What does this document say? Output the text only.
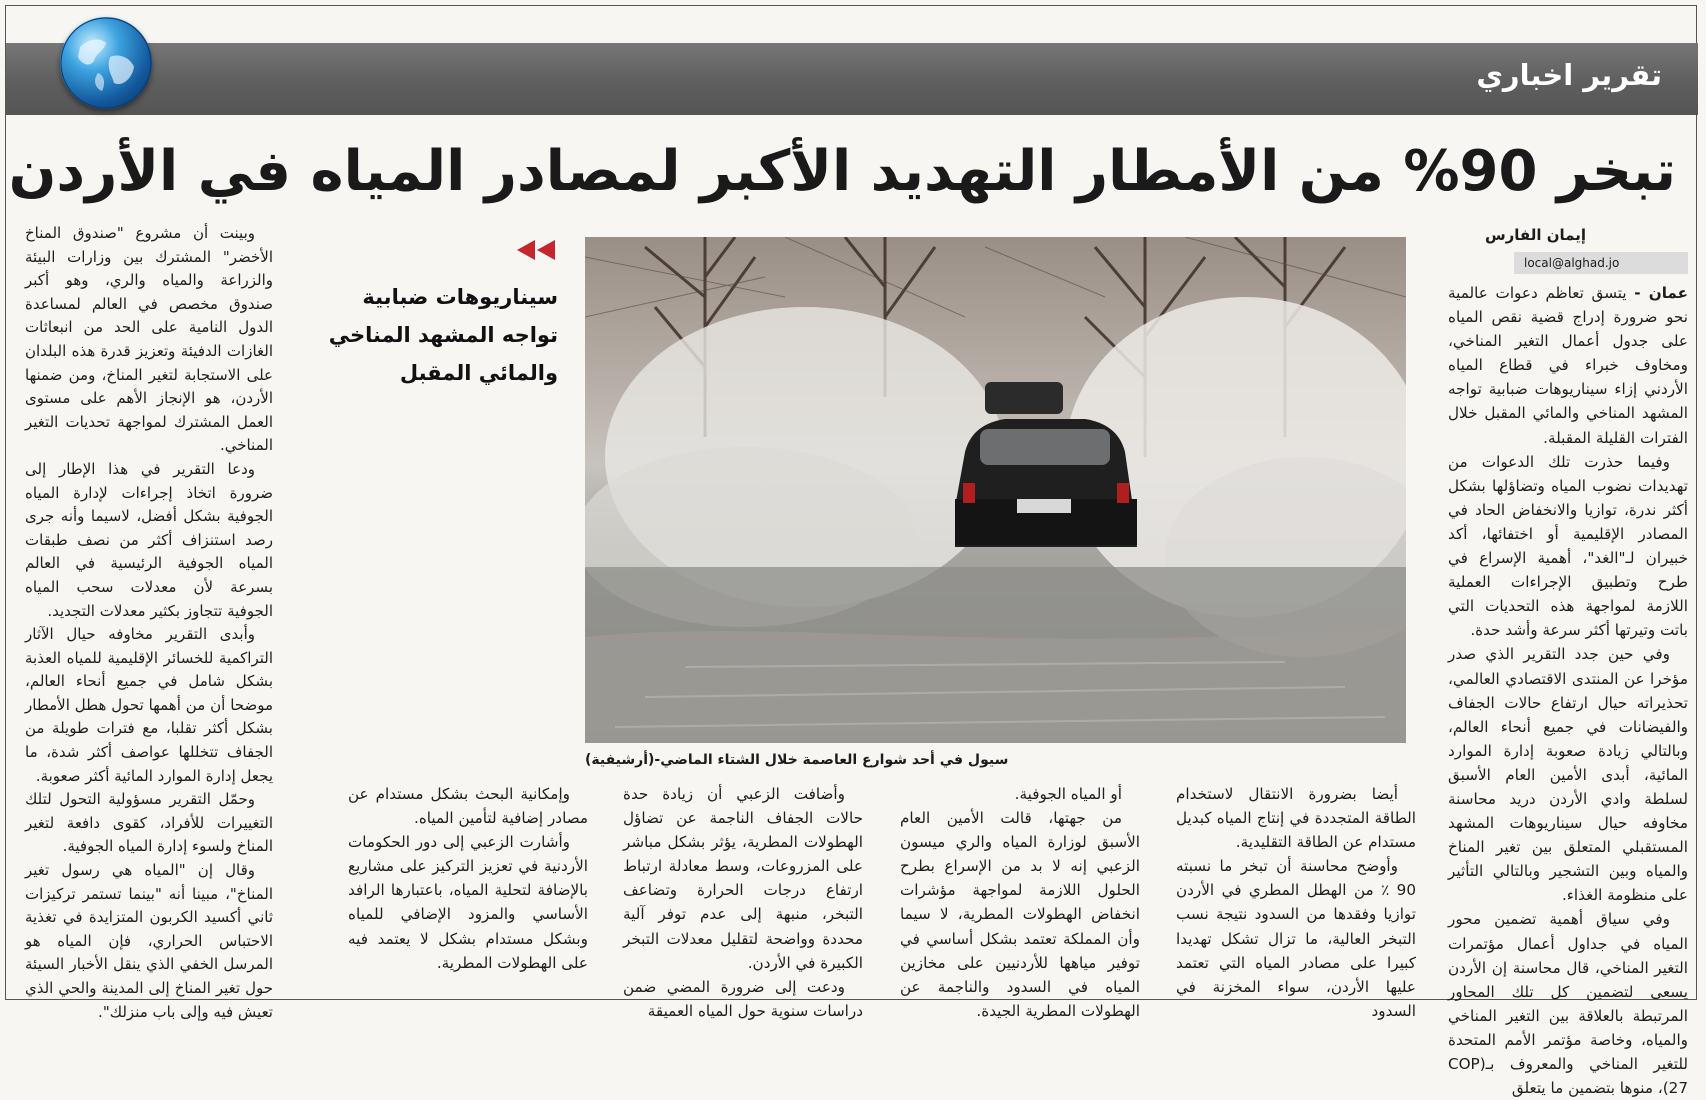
تقرير اخباري
تبخر 90% من الأمطار التهديد الأكبر لمصادر المياه في الأردن
إيمان الفارس
local@alghad.jo

عمان - يتسق تعاظم دعوات عالمية نحو ضرورة إدراج قضية نقص المياه على جدول أعمال التغير المناخي، ومخاوف خبراء في قطاع المياه الأردني إزاء سيناريوهات ضبابية تواجه المشهد المناخي والمائي المقبل خلال الفترات القليلة المقبلة.

وفيما حذرت تلك الدعوات من تهديدات نضوب المياه وتضاؤلها بشكل أكثر ندرة، توازيا والانخفاض الحاد في المصادر الإقليمية أو اختفائها، أكد خبيران لـ"الغد"، أهمية الإسراع في طرح وتطبيق الإجراءات العملية اللازمة لمواجهة هذه التحديات التي باتت وتيرتها أكثر سرعة وأشد حدة.

وفي حين جدد التقرير الذي صدر مؤخرا عن المنتدى الاقتصادي العالمي، تحذيراته حيال ارتفاع حالات الجفاف والفيضانات في جميع أنحاء العالم، وبالتالي زيادة صعوبة إدارة الموارد المائية، أبدى الأمين العام الأسبق لسلطة وادي الأردن دريد محاسنة مخاوفه حيال سيناريوهات المشهد المستقبلي المتعلق بين تغير المناخ والمياه وبين التشجير وبالتالي التأثير على منظومة الغذاء.

وفي سياق أهمية تضمين محور المياه في جداول أعمال مؤتمرات التغير المناخي، قال محاسنة إن الأردن يسعى لتضمين كل تلك المحاور المرتبطة بالعلاقة بين التغير المناخي والمياه، وخاصة مؤتمر الأمم المتحدة للتغير المناخي والمعروف بـ(COP 27)، منوها بتضمين ما يتعلق

سيول في أحد شوارع العاصمة خلال الشتاء الماضي-(أرشيفية)
سيناريوهات ضبابية تواجه المشهد المناخي والمائي المقبل

أيضا بضرورة الانتقال لاستخدام الطاقة المتجددة في إنتاج المياه كبديل مستدام عن الطاقة التقليدية.

وأوضح محاسنة أن تبخر ما نسبته 90 ٪ من الهطل المطري في الأردن توازيا وفقدها من السدود نتيجة نسب التبخر العالية، ما تزال تشكل تهديدا كبيرا على مصادر المياه التي تعتمد عليها الأردن، سواء المخزنة في السدود

أو المياه الجوفية.

من جهتها، قالت الأمين العام الأسبق لوزارة المياه والري ميسون الزعبي إنه لا بد من الإسراع بطرح الحلول اللازمة لمواجهة مؤشرات انخفاض الهطولات المطرية، لا سيما وأن المملكة تعتمد بشكل أساسي في توفير مياهها للأردنيين على مخازين المياه في السدود والناجمة عن الهطولات المطرية الجيدة.

وأضافت الزعبي أن زيادة حدة حالات الجفاف الناجمة عن تضاؤل الهطولات المطرية، يؤثر بشكل مباشر على المزروعات، وسط معادلة ارتباط ارتفاع درجات الحرارة وتضاعف التبخر، منبهة إلى عدم توفر آلية محددة وواضحة لتقليل معدلات التبخر الكبيرة في الأردن.

ودعت إلى ضرورة المضي ضمن دراسات سنوية حول المياه العميقة

وإمكانية البحث بشكل مستدام عن مصادر إضافية لتأمين المياه.

وأشارت الزعبي إلى دور الحكومات الأردنية في تعزيز التركيز على مشاريع بالإضافة لتحلية المياه، باعتبارها الرافد الأساسي والمزود الإضافي للمياه وبشكل مستدام بشكل لا يعتمد فيه على الهطولات المطرية.

وبينت أن مشروع "صندوق المناخ الأخضر" المشترك بين وزارات البيئة والزراعة والمياه والري، وهو أكبر صندوق مخصص في العالم لمساعدة الدول النامية على الحد من انبعاثات الغازات الدفيئة وتعزيز قدرة هذه البلدان على الاستجابة لتغير المناخ، ومن ضمنها الأردن، هو الإنجاز الأهم على مستوى العمل المشترك لمواجهة تحديات التغير المناخي.

ودعا التقرير في هذا الإطار إلى ضرورة اتخاذ إجراءات لإدارة المياه الجوفية بشكل أفضل، لاسيما وأنه جرى رصد استنزاف أكثر من نصف طبقات المياه الجوفية الرئيسية في العالم بسرعة لأن معدلات سحب المياه الجوفية تتجاوز بكثير معدلات التجديد.

وأبدى التقرير مخاوفه حيال الآثار التراكمية للخسائر الإقليمية للمياه العذبة بشكل شامل في جميع أنحاء العالم، موضحا أن من أهمها تحول هطل الأمطار بشكل أكثر تقلبا، مع فترات طويلة من الجفاف تتخللها عواصف أكثر شدة، ما يجعل إدارة الموارد المائية أكثر صعوبة.

وحمّل التقرير مسؤولية التحول لتلك التغييرات للأفراد، كقوى دافعة لتغير المناخ ولسوء إدارة المياه الجوفية.

وقال إن "المياه هي رسول تغير المناخ"، مبينا أنه "بينما تستمر تركيزات ثاني أكسيد الكربون المتزايدة في تغذية الاحتباس الحراري، فإن المياه هو المرسل الخفي الذي ينقل الأخبار السيئة حول تغير المناخ إلى المدينة والحي الذي تعيش فيه وإلى باب منزلك".
